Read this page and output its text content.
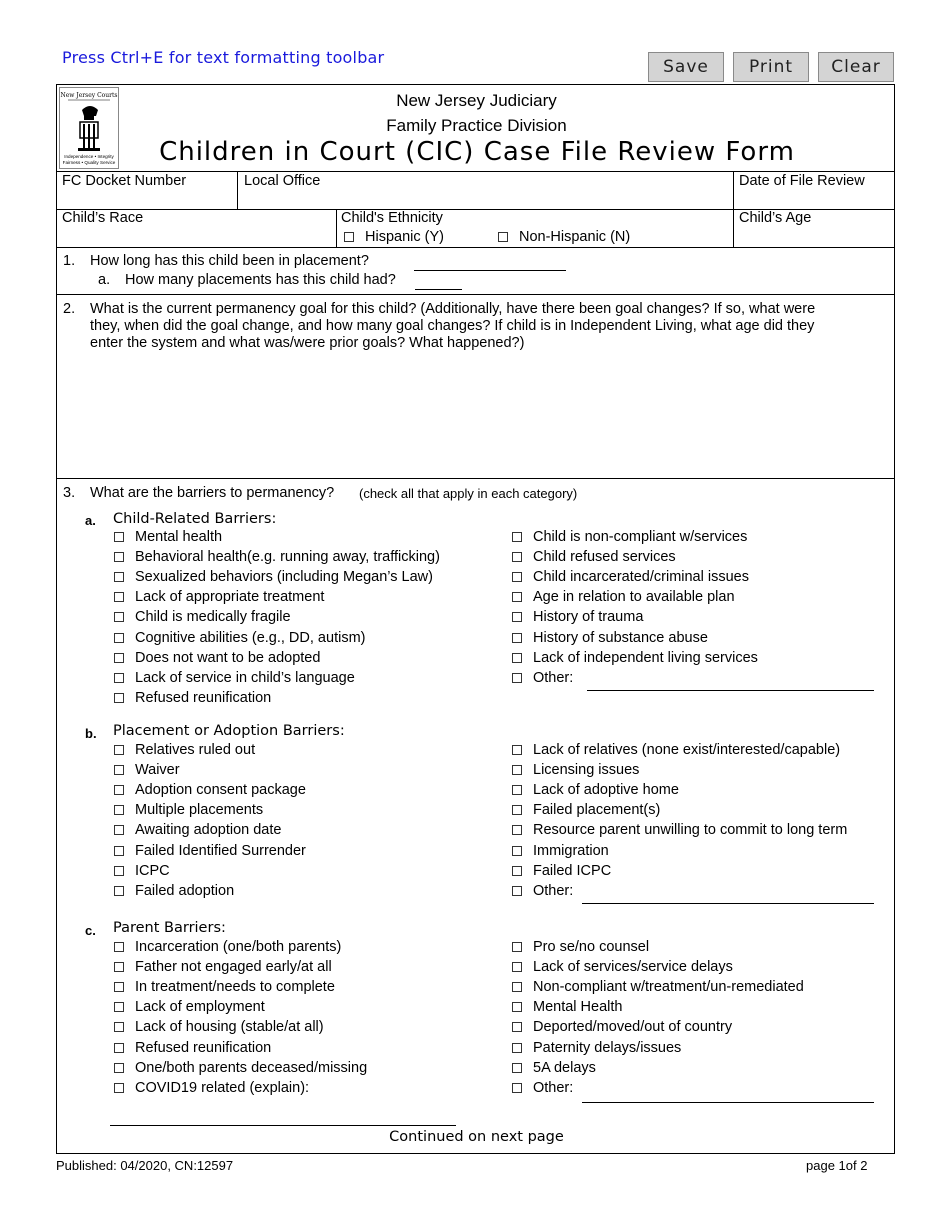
Press Ctrl+E for text formatting toolbar	Save	Print	Clear
New Jersey Courts
Independence • Integrity
Fairness • Quality Service
New Jersey Judiciary
Family Practice Division
Children in Court (CIC) Case File Review Form
FC Docket Number	Local Office	Date of File Review
Child’s Race	Child's Ethnicity
Hispanic (Y)	Non-Hispanic (N)
Child’s Age
1. How long has this child been in placement?
a. How many placements has this child had?
2. What is the current permanency goal for this child? (Additionally, have there been goal changes? If so, what were
they, when did the goal change, and how many goal changes? If child is in Independent Living, what age did they
enter the system and what was/were prior goals? What happened?)
3. What are the barriers to permanency? (check all that apply in each category)
a. Child-Related Barriers:
b. Placement or Adoption Barriers:
c. Parent Barriers:
Continued on next page
Mental health
Behavioral health(e.g. running away, trafficking)
Sexualized behaviors (including Megan’s Law)
Lack of appropriate treatment
Child is medically fragile
Cognitive abilities (e.g., DD, autism)
Does not want to be adopted
Lack of service in child’s language
Refused reunification
Child is non-compliant w/services
Child refused services
Child incarcerated/criminal issues
Age in relation to available plan
History of trauma
History of substance abuse
Lack of independent living services
Other:
Relatives ruled out
Waiver
Adoption consent package
Multiple placements
Awaiting adoption date
Failed Identified Surrender
ICPC
Failed adoption
Lack of relatives (none exist/interested/capable)
Licensing issues
Lack of adoptive home
Failed placement(s)
Resource parent unwilling to commit to long term
Immigration
Failed ICPC
Other:
Incarceration (one/both parents)
Father not engaged early/at all
In treatment/needs to complete
Lack of employment
Lack of housing (stable/at all)
Refused reunification
One/both parents deceased/missing
COVID19 related (explain):
Pro se/no counsel
Lack of services/service delays
Non-compliant w/treatment/un-remediated
Mental Health
Deported/moved/out of country
Paternity delays/issues
5A delays
Other:
Published: 04/2020, CN:12597	page 1of 2
